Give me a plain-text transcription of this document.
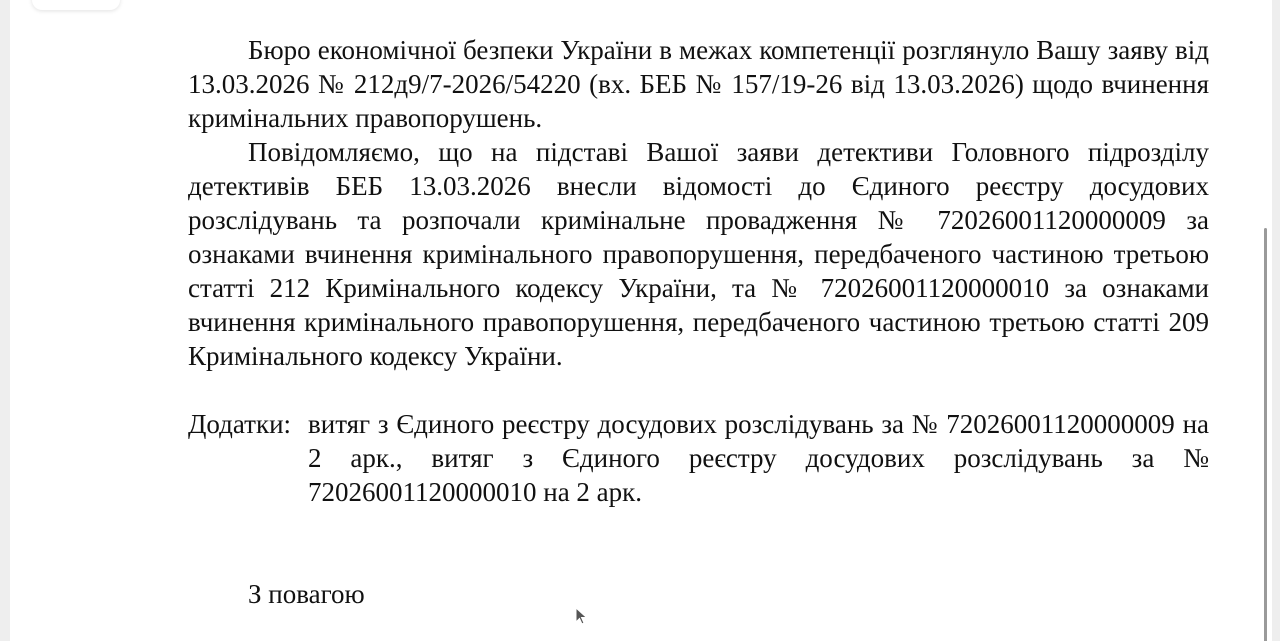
Бюро економічної безпеки України в межах компетенції розглянуло Вашу заяву від 13.03.2026 № 212д9/7-2026/54220 (вх. БЕБ № 157/19-26 від 13.03.2026) щодо вчинення кримінальних правопорушень.

Повідомляємо, що на підставі Вашої заяви детективи Головного підрозділу детективів БЕБ 13.03.2026 внесли відомості до Єдиного реєстру досудових розслідувань та розпочали кримінальне провадження № 72026001120000009 за ознаками вчинення кримінального правопорушення, передбаченого частиною третьою статті 212 Кримінального кодексу України, та № 72026001120000010 за ознаками вчинення кримінального правопорушення, передбаченого частиною третьою статті 209 Кримінального кодексу України.

Додатки: витяг з Єдиного реєстру досудових розслідувань за № 72026001120000009 на 2 арк., витяг з Єдиного реєстру досудових розслідувань за № 72026001120000010 на 2 арк.
З повагою
